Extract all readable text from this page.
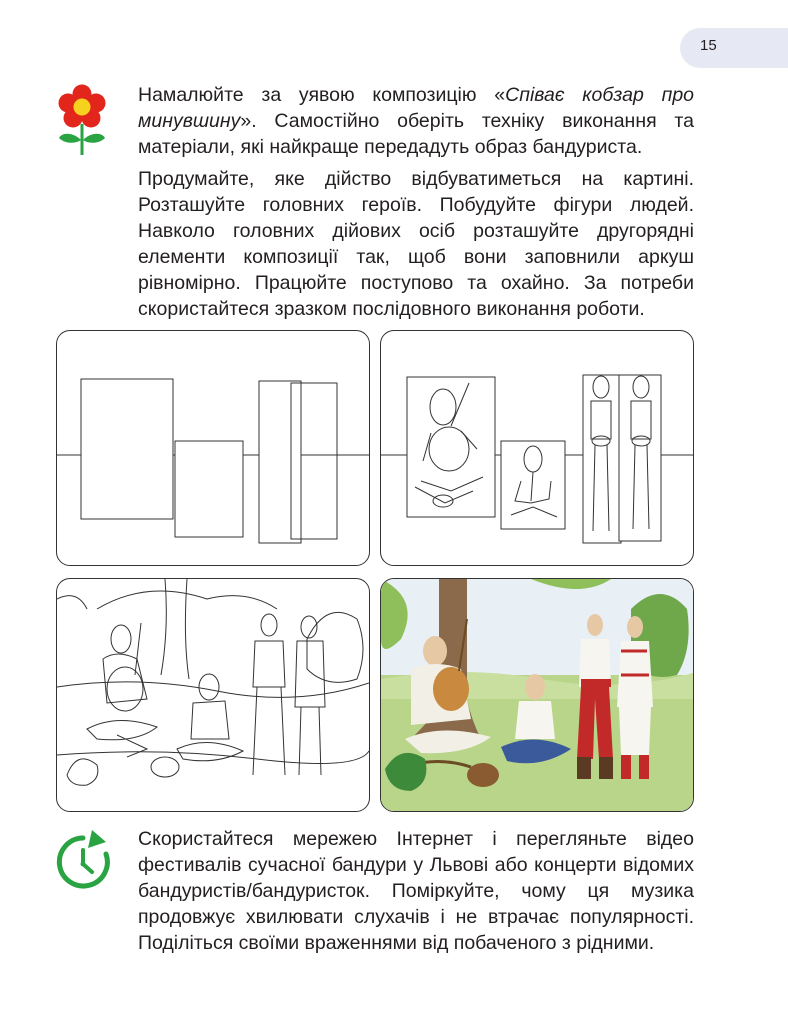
15

Намалюйте за уявою композицію «Співає кобзар про минувшину». Самостійно оберіть техніку виконання та матеріали, які найкраще передадуть образ бандуриста.

Продумайте, яке дійство відбуватиметься на картині. Розташуйте головних героїв. Побудуйте фігури людей. Навколо головних дійових осіб розташуйте другорядні елементи композиції так, щоб вони заповнили аркуш рівномірно. Працюйте поступово та охайно. За потреби скористайтеся зразком послідовного виконання роботи.

Скористайтеся мережею Інтернет і перегляньте відео фестивалів сучасної бандури у Львові або концерти відомих бандуристів/бандуристок. Поміркуйте, чому ця музика продовжує хвилювати слухачів і не втрачає популярності. Поділіться своїми враженнями від побаченого з рідними.
